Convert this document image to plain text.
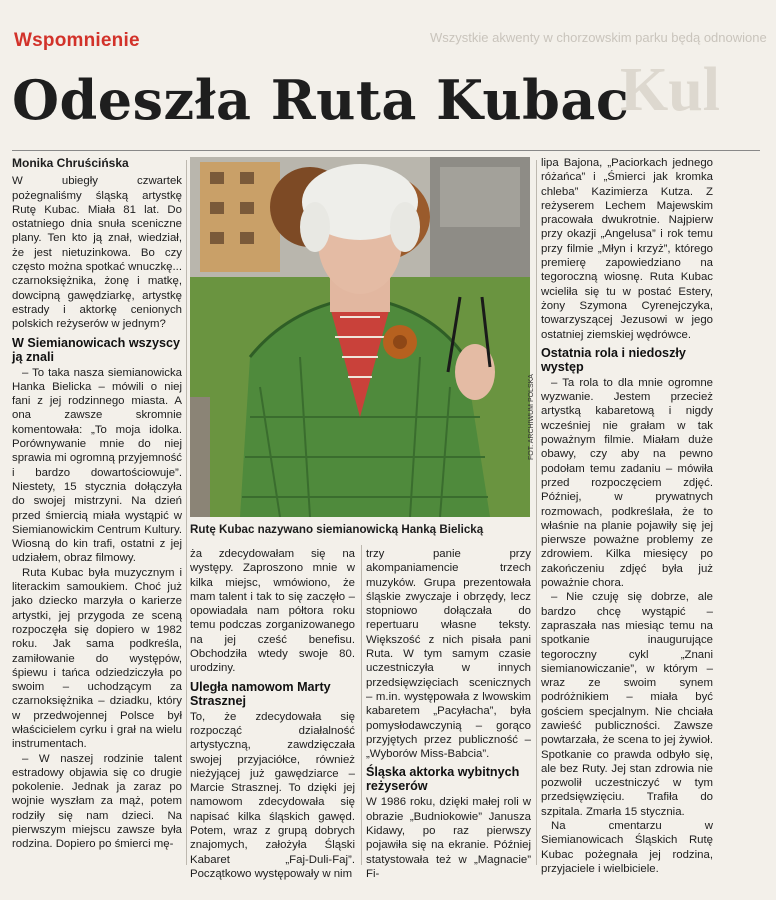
Wszystkie akwenty w chorzowskim parku będą odnowione
Kul
Wspomnienie
Odeszła Ruta Kubac
Monika Chruścińska

W ubiegły czwartek pożegnaliśmy śląską artystkę Rutę Kubac. Miała 81 lat. Do ostatniego dnia snuła sceniczne plany. Ten kto ją znał, wiedział, że jest nietuzinkowa. Bo czy często można spotkać wnuczkę... czarnoksiężnika, żonę i matkę, dowcipną gawędziarkę, artystkę estrady i aktorkę cenionych polskich reżyserów w jednym?

W Siemianowicach wszyscy ją znali

– To taka nasza siemianowicka Hanka Bielicka – mówili o niej fani z jej rodzinnego miasta. A ona zawsze skromnie komentowała: „To moja idolka. Porównywanie mnie do niej sprawia mi ogromną przyjemność i bardzo dowartościowuje”. Niestety, 15 stycznia dołączyła do swojej mistrzyni. Na dzień przed śmiercią miała wystąpić w Siemianowickim Centrum Kultury. Wiosną do kin trafi, ostatni z jej udziałem, obraz filmowy.

Ruta Kubac była muzycznym i literackim samoukiem. Choć już jako dziecko marzyła o karierze artystki, jej przygoda ze sceną rozpoczęła się dopiero w 1982 roku. Jak sama podkreśla, zamiłowanie do występów, śpiewu i tańca odziedziczyła po swoim – uchodzącym za czarnoksiężnika – dziadku, który w przedwojennej Polsce był właścicielem cyrku i grał na wielu instrumentach.

– W naszej rodzinie talent estradowy objawia się co drugie pokolenie. Jednak ja zaraz po wojnie wyszłam za mąż, potem rodziły się nam dzieci. Na pierwszym miejscu zawsze była rodzina. Dopiero po śmierci mę-

FOT. ARCHIWUM POLSKA
Rutę Kubac nazywano siemianowicką Hanką Bielicką

ża zdecydowałam się na występy. Zaproszono mnie w kilka miejsc, wmówiono, że mam talent i tak to się zaczęło – opowiadała nam półtora roku temu podczas zorganizowanego na jej cześć benefisu. Obchodziła wtedy swoje 80. urodziny.

Uległa namowom Marty Strasznej

To, że zdecydowała się rozpocząć działalność artystyczną, zawdzięczała swojej przyjaciółce, również nieżyjącej już gawędziarce – Marcie Strasznej. To dzięki jej namowom zdecydowała się napisać kilka śląskich gawęd. Potem, wraz z grupą dobrych znajomych, założyła Śląski Kabaret „Faj-Duli-Faj”. Początkowo występowały w nim

trzy panie przy akompaniamencie trzech muzyków. Grupa prezentowała śląskie zwyczaje i obrzędy, lecz stopniowo dołączała do repertuaru własne teksty. Większość z nich pisała pani Ruta. W tym samym czasie uczestniczyła w innych przedsięwzięciach scenicznych – m.in. występowała z lwowskim kabaretem „Pacyłacha”, była pomysłodawczynią – gorąco przyjętych przez publiczność – „Wyborów Miss-Babcia”.

Śląska aktorka wybitnych reżyserów

W 1986 roku, dzięki małej roli w obrazie „Budniokowie” Janusza Kidawy, po raz pierwszy pojawiła się na ekranie. Później statystowała też w „Magnacie” Fi-

lipa Bajona, „Paciorkach jednego różańca” i „Śmierci jak kromka chleba” Kazimierza Kutza. Z reżyserem Lechem Majewskim pracowała dwukrotnie. Najpierw przy okazji „Angelusa” i rok temu przy filmie „Młyn i krzyż”, którego premierę zapowiedziano na tegoroczną wiosnę. Ruta Kubac wcieliła się tu w postać Estery, żony Szymona Cyrenejczyka, towarzyszącej Jezusowi w jego ostatniej ziemskiej wędrówce.

Ostatnia rola i niedoszły występ

– Ta rola to dla mnie ogromne wyzwanie. Jestem przecież artystką kabaretową i nigdy wcześniej nie grałam w tak poważnym filmie. Miałam duże obawy, czy aby na pewno podołam temu zadaniu – mówiła przed rozpoczęciem zdjęć. Później, w prywatnych rozmowach, podkreślała, że to właśnie na planie pojawiły się jej pierwsze poważne problemy ze zdrowiem. Kilka miesięcy po zakończeniu zdjęć była już poważnie chora.

– Nie czuję się dobrze, ale bardzo chcę wystąpić – zapraszała nas miesiąc temu na spotkanie inaugurujące tegoroczny cykl „Znani siemianowiczanie”, w którym – wraz ze swoim synem podróżnikiem – miała być gościem specjalnym. Nie chciała zawieść publiczności. Zawsze powtarzała, że scena to jej żywioł. Spotkanie co prawda odbyło się, ale bez Ruty. Jej stan zdrowia nie pozwolił uczestniczyć w tym przedsięwzięciu. Trafiła do szpitala. Zmarła 15 stycznia.

Na cmentarzu w Siemianowicach Śląskich Rutę Kubac pożegnała jej rodzina, przyjaciele i wielbiciele.
